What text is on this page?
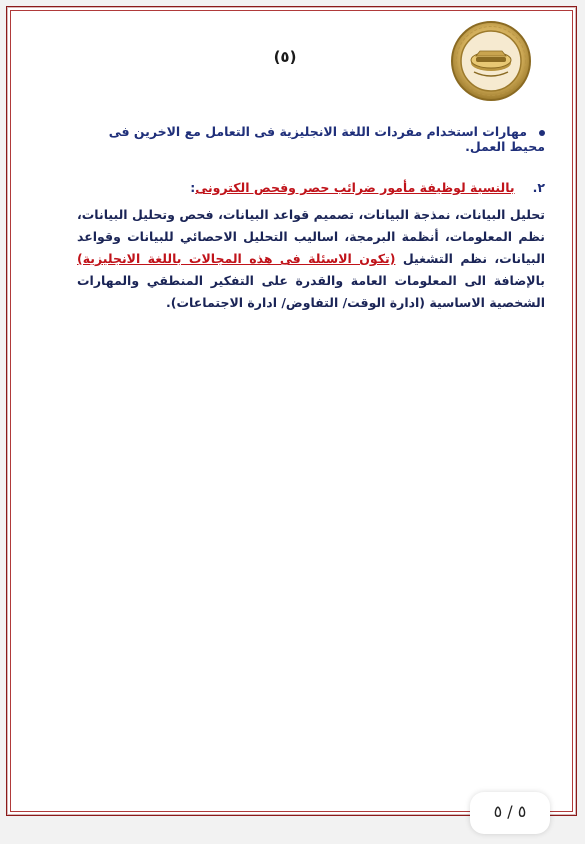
(٥)
مهارات استخدام مفردات اللغة الانجليزية فى التعامل مع الاخرين فى محيط العمل.
٢.بالنسبة لوظيفة مأمور ضرائب حصر وفحص الكترونى:
تحليل البيانات، نمذجة البيانات، تصميم قواعد البيانات، فحص وتحليل البيانات، نظم المعلومات، أنظمة البرمجة، اساليب التحليل الاحصائي للبيانات وقواعد البيانات، نظم التشغيل (تكون الاسئلة فى هذه المجالات باللغة الانجليزية) بالإضافة الى المعلومات العامة والقدرة على التفكير المنطقي والمهارات الشخصية الاساسية (ادارة الوقت/ التفاوض/ ادارة الاجتماعات).
٥ / ٥
